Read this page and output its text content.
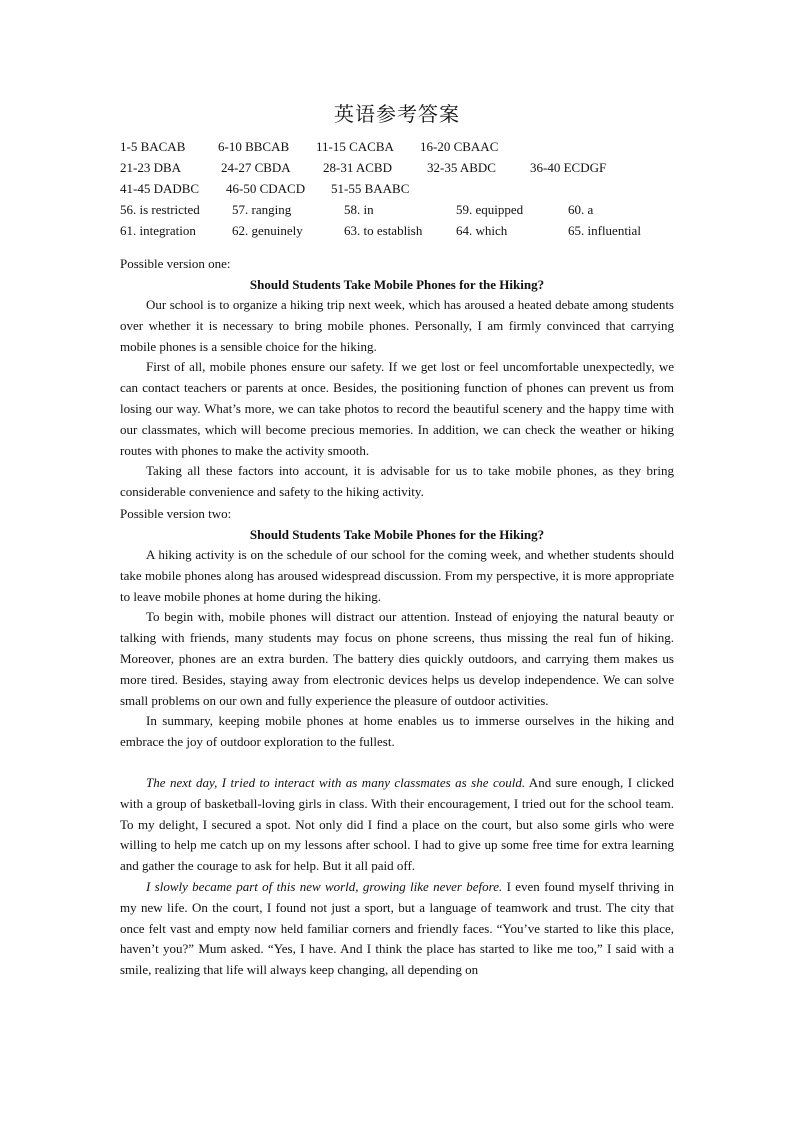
英语参考答案
1-5 BACAB	6-10 BBCAB 11-15 CACBA 16-20 CBAAC
21-23 DBA	24-27 CBDA 28-31 ACBD	32-35 ABDC	36-40 ECDGF
41-45 DADBC 46-50 CDACD 51-55 BAABC
56. is restricted 57. ranging	58. in	59. equipped	60. a
61. integration	62. genuinely	63. to establish	64. which	65. influential
Possible version one:
Should Students Take Mobile Phones for the Hiking?

Our school is to organize a hiking trip next week, which has aroused a heated debate among students over whether it is necessary to bring mobile phones. Personally, I am firmly convinced that carrying mobile phones is a sensible choice for the hiking.

First of all, mobile phones ensure our safety. If we get lost or feel uncomfortable unexpectedly, we can contact teachers or parents at once. Besides, the positioning function of phones can prevent us from losing our way. What’s more, we can take photos to record the beautiful scenery and the happy time with our classmates, which will become precious memories. In addition, we can check the weather or hiking routes with phones to make the activity smooth.

Taking all these factors into account, it is advisable for us to take mobile phones, as they bring considerable convenience and safety to the hiking activity.

Possible version two:
Should Students Take Mobile Phones for the Hiking?

A hiking activity is on the schedule of our school for the coming week, and whether students should take mobile phones along has aroused widespread discussion. From my perspective, it is more appropriate to leave mobile phones at home during the hiking.

To begin with, mobile phones will distract our attention. Instead of enjoying the natural beauty or talking with friends, many students may focus on phone screens, thus missing the real fun of hiking. Moreover, phones are an extra burden. The battery dies quickly outdoors, and carrying them makes us more tired. Besides, staying away from electronic devices helps us develop independence. We can solve small problems on our own and fully experience the pleasure of outdoor activities.

In summary, keeping mobile phones at home enables us to immerse ourselves in the hiking and embrace the joy of outdoor exploration to the fullest.

The next day, I tried to interact with as many classmates as she could. And sure enough, I clicked with a group of basketball-loving girls in class. With their encouragement, I tried out for the school team. To my delight, I secured a spot. Not only did I find a place on the court, but also some girls who were willing to help me catch up on my lessons after school. I had to give up some free time for extra learning and gather the courage to ask for help. But it all paid off.

I slowly became part of this new world, growing like never before. I even found myself thriving in my new life. On the court, I found not just a sport, but a language of teamwork and trust. The city that once felt vast and empty now held familiar corners and friendly faces. “You’ve started to like this place, haven’t you?” Mum asked. “Yes, I have. And I think the place has started to like me too,” I said with a smile, realizing that life will always keep changing, all depending on
